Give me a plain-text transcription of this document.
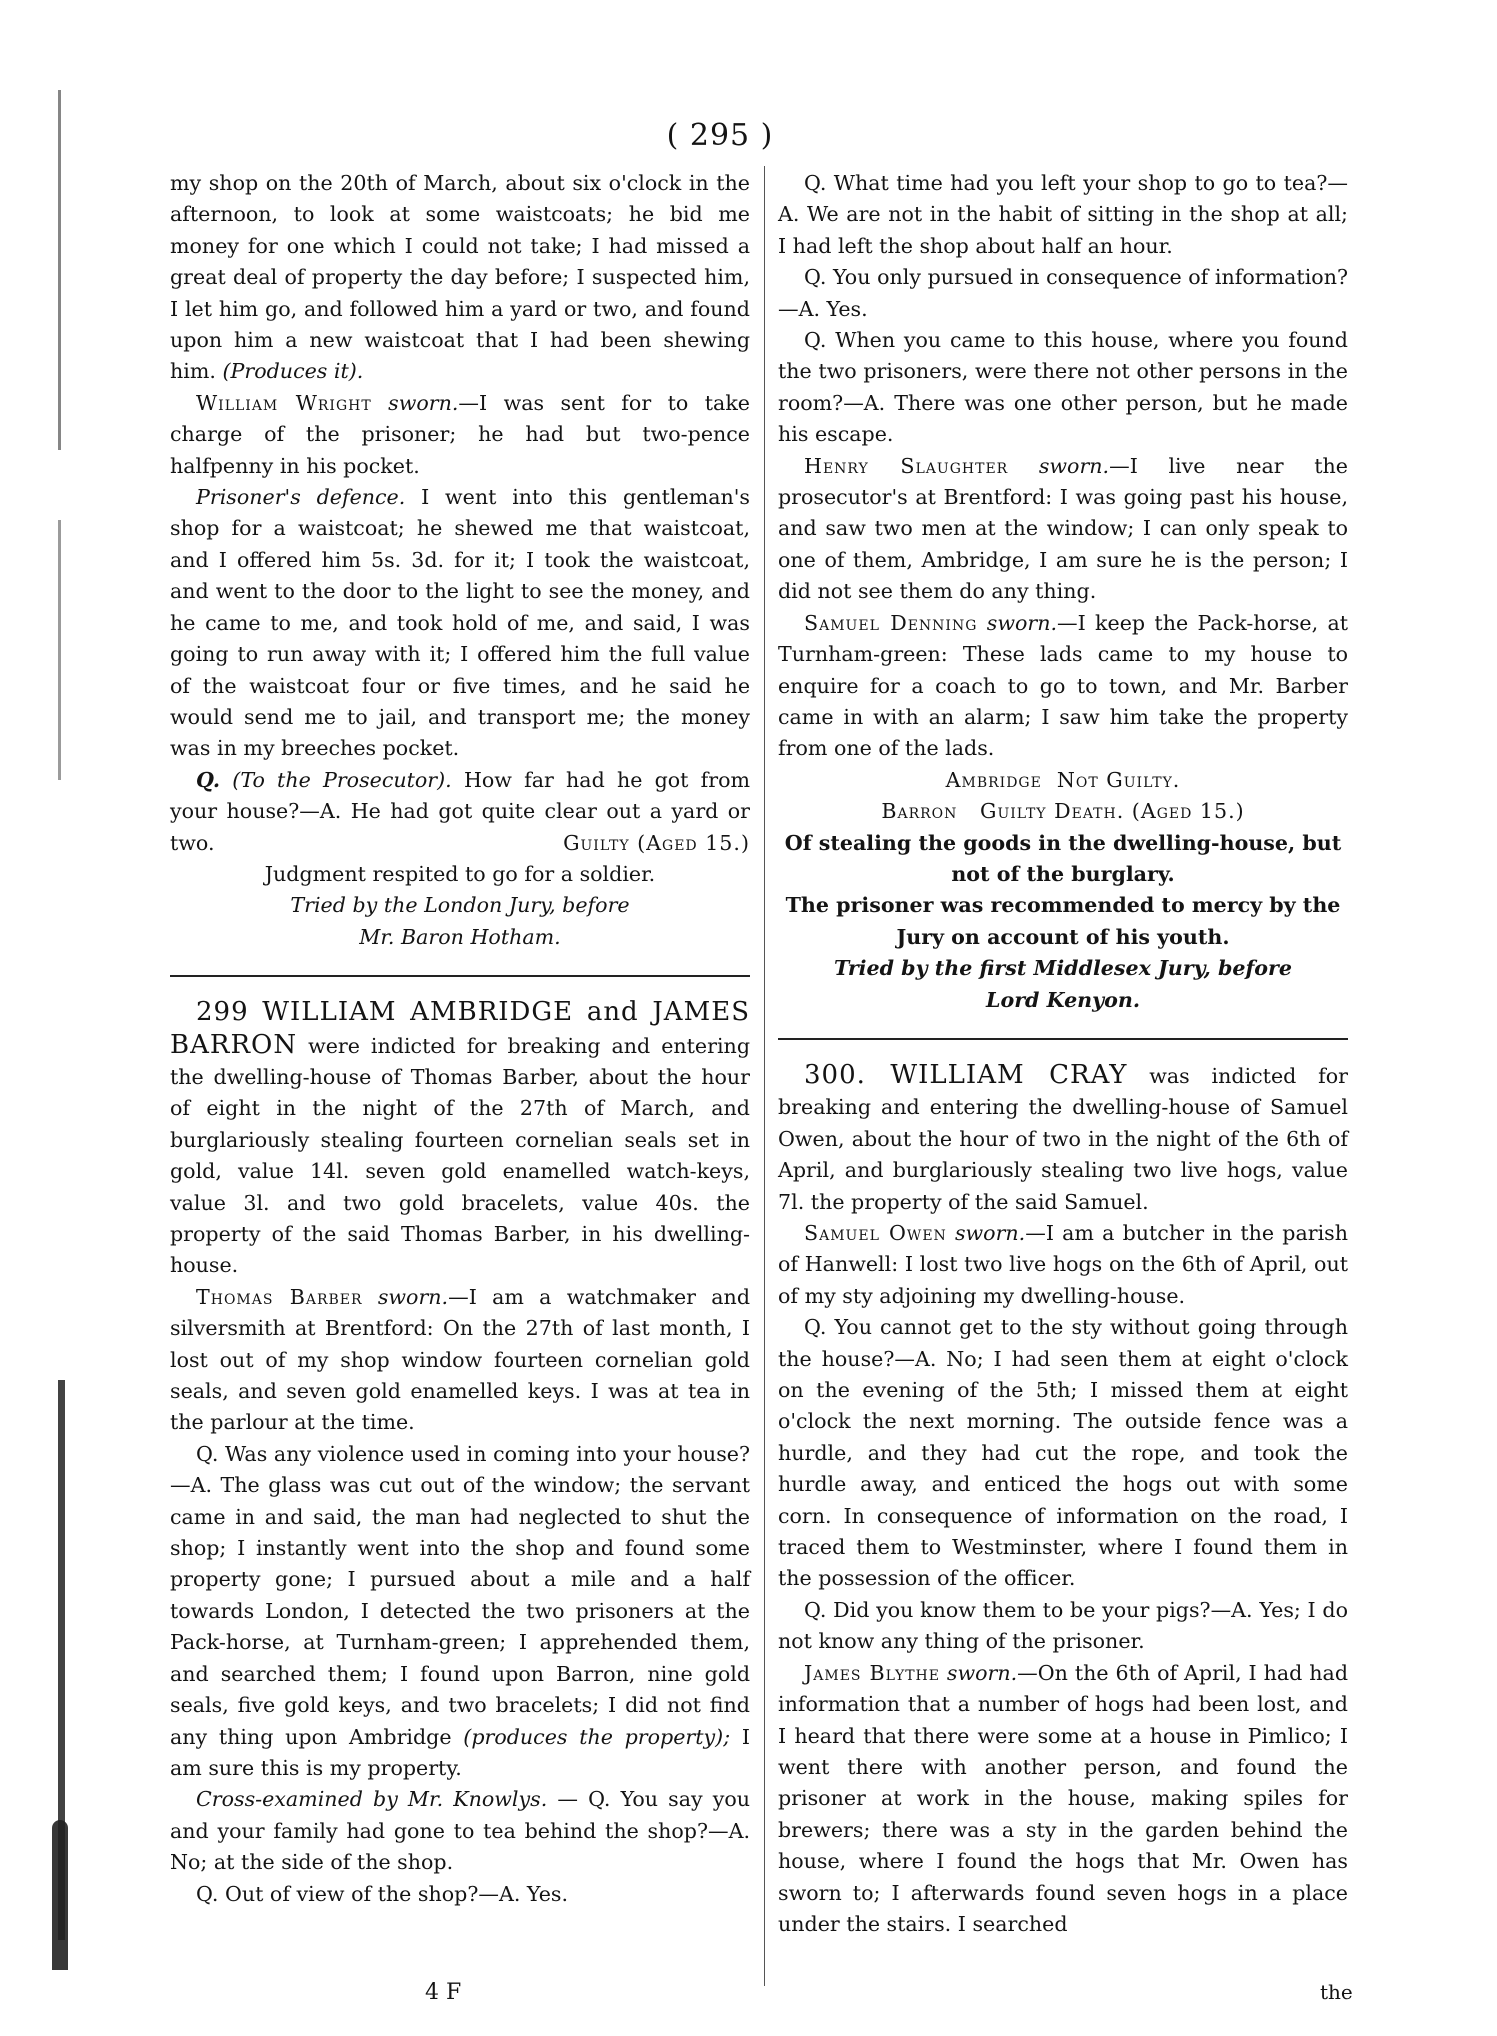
( 295 )

my shop on the 20th of March, about six o'clock in the afternoon, to look at some waistcoats; he bid me money for one which I could not take; I had missed a great deal of property the day before; I suspected him, I let him go, and followed him a yard or two, and found upon him a new waistcoat that I had been shewing him. (Produces it).

William Wright sworn.—I was sent for to take charge of the prisoner; he had but two-pence halfpenny in his pocket.

Prisoner's defence. I went into this gentleman's shop for a waistcoat; he shewed me that waistcoat, and I offered him 5s. 3d. for it; I took the waistcoat, and went to the door to the light to see the money, and he came to me, and took hold of me, and said, I was going to run away with it; I offered him the full value of the waistcoat four or five times, and he said he would send me to jail, and transport me; the money was in my breeches pocket.

Q. (To the Prosecutor). How far had he got from your house?—A. He had got quite clear out a yard or two.	Guilty (Aged 15.)

Judgment respited to go for a soldier.

Tried by the London Jury, before

Mr. Baron Hotham.

299 WILLIAM AMBRIDGE and JAMES BARRON were indicted for breaking and entering the dwelling-house of Thomas Barber, about the hour of eight in the night of the 27th of March, and burglariously stealing fourteen cornelian seals set in gold, value 14l. seven gold enamelled watch-keys, value 3l. and two gold bracelets, value 40s. the property of the said Thomas Barber, in his dwelling-house.

Thomas Barber sworn.—I am a watchmaker and silversmith at Brentford: On the 27th of last month, I lost out of my shop window fourteen cornelian gold seals, and seven gold enamelled keys. I was at tea in the parlour at the time.

Q. Was any violence used in coming into your house?—A. The glass was cut out of the window; the servant came in and said, the man had neglected to shut the shop; I instantly went into the shop and found some property gone; I pursued about a mile and a half towards London, I detected the two prisoners at the Pack-horse, at Turnham-green; I apprehended them, and searched them; I found upon Barron, nine gold seals, five gold keys, and two bracelets; I did not find any thing upon Ambridge (produces the property); I am sure this is my property.

Cross-examined by Mr. Knowlys. — Q. You say you and your family had gone to tea behind the shop?—A. No; at the side of the shop.

Q. Out of view of the shop?—A. Yes.

Q. What time had you left your shop to go to tea?—A. We are not in the habit of sitting in the shop at all; I had left the shop about half an hour.

Q. You only pursued in consequence of information?—A. Yes.

Q. When you came to this house, where you found the two prisoners, were there not other persons in the room?—A. There was one other person, but he made his escape.

Henry Slaughter sworn.—I live near the prosecutor's at Brentford: I was going past his house, and saw two men at the window; I can only speak to one of them, Ambridge, I am sure he is the person; I did not see them do any thing.

Samuel Denning sworn.—I keep the Pack-horse, at Turnham-green: These lads came to my house to enquire for a coach to go to town, and Mr. Barber came in with an alarm; I saw him take the property from one of the lads.

Ambridge  Not Guilty.

Barron   Guilty Death. (Aged 15.)

Of stealing the goods in the dwelling-house, but not of the burglary.

The prisoner was recommended to mercy by the Jury on account of his youth.

Tried by the first Middlesex Jury, before

Lord Kenyon.

300. WILLIAM CRAY was indicted for breaking and entering the dwelling-house of Samuel Owen, about the hour of two in the night of the 6th of April, and burglariously stealing two live hogs, value 7l. the property of the said Samuel.

Samuel Owen sworn.—I am a butcher in the parish of Hanwell: I lost two live hogs on the 6th of April, out of my sty adjoining my dwelling-house.

Q. You cannot get to the sty without going through the house?—A. No; I had seen them at eight o'clock on the evening of the 5th; I missed them at eight o'clock the next morning. The outside fence was a hurdle, and they had cut the rope, and took the hurdle away, and enticed the hogs out with some corn. In consequence of information on the road, I traced them to Westminster, where I found them in the possession of the officer.

Q. Did you know them to be your pigs?—A. Yes; I do not know any thing of the prisoner.

James Blythe sworn.—On the 6th of April, I had had information that a number of hogs had been lost, and I heard that there were some at a house in Pimlico; I went there with another person, and found the prisoner at work in the house, making spiles for brewers; there was a sty in the garden behind the house, where I found the hogs that Mr. Owen has sworn to; I afterwards found seven hogs in a place under the stairs. I searched

4 F	the
